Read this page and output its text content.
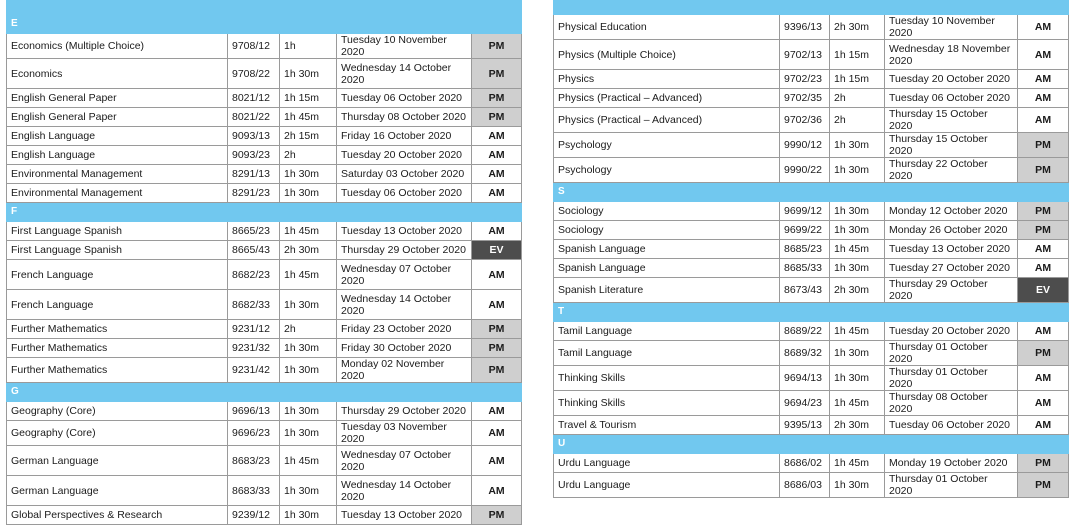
E				
Economics (Multiple Choice)	9708/12	1h	Tuesday 10 November 2020	PM
Economics	9708/22	1h 30m	Wednesday 14 October 2020	PM
English General Paper	8021/12	1h 15m	Tuesday 06 October 2020	PM
English General Paper	8021/22	1h 45m	Thursday 08 October 2020	PM
English Language	9093/13	2h 15m	Friday 16 October 2020	AM
English Language	9093/23	2h	Tuesday 20 October 2020	AM
Environmental Management	8291/13	1h 30m	Saturday 03 October 2020	AM
Environmental Management	8291/23	1h 30m	Tuesday 06 October 2020	AM
F				
First Language Spanish	8665/23	1h 45m	Tuesday 13 October 2020	AM
First Language Spanish	8665/43	2h 30m	Thursday 29 October 2020	EV
French Language	8682/23	1h 45m	Wednesday 07 October 2020	AM
French Language	8682/33	1h 30m	Wednesday 14 October 2020	AM
Further Mathematics	9231/12	2h	Friday 23 October 2020	PM
Further Mathematics	9231/32	1h 30m	Friday 30 October 2020	PM
Further Mathematics	9231/42	1h 30m	Monday 02 November 2020	PM
G				
Geography (Core)	9696/13	1h 30m	Thursday 29 October 2020	AM
Geography (Core)	9696/23	1h 30m	Tuesday 03 November 2020	AM
German Language	8683/23	1h 45m	Wednesday 07 October 2020	AM
German Language	8683/33	1h 30m	Wednesday 14 October 2020	AM
Global Perspectives & Research	9239/12	1h 30m	Tuesday 13 October 2020	PM

Physical Education	9396/13	2h 30m	Tuesday 10 November 2020	AM
Physics (Multiple Choice)	9702/13	1h 15m	Wednesday 18 November 2020	AM
Physics	9702/23	1h 15m	Tuesday 20 October 2020	AM
Physics (Practical – Advanced)	9702/35	2h	Tuesday 06 October 2020	AM
Physics (Practical – Advanced)	9702/36	2h	Thursday 15 October 2020	AM
Psychology	9990/12	1h 30m	Thursday 15 October 2020	PM
Psychology	9990/22	1h 30m	Thursday 22 October 2020	PM
S				
Sociology	9699/12	1h 30m	Monday 12 October 2020	PM
Sociology	9699/22	1h 30m	Monday 26 October 2020	PM
Spanish Language	8685/23	1h 45m	Tuesday 13 October 2020	AM
Spanish Language	8685/33	1h 30m	Tuesday 27 October 2020	AM
Spanish Literature	8673/43	2h 30m	Thursday 29 October 2020	EV
T				
Tamil Language	8689/22	1h 45m	Tuesday 20 October 2020	AM
Tamil Language	8689/32	1h 30m	Thursday 01 October 2020	PM
Thinking Skills	9694/13	1h 30m	Thursday 01 October 2020	AM
Thinking Skills	9694/23	1h 45m	Thursday 08 October 2020	AM
Travel & Tourism	9395/13	2h 30m	Tuesday 06 October 2020	AM
U				
Urdu Language	8686/02	1h 45m	Monday 19 October 2020	PM
Urdu Language	8686/03	1h 30m	Thursday 01 October 2020	PM
